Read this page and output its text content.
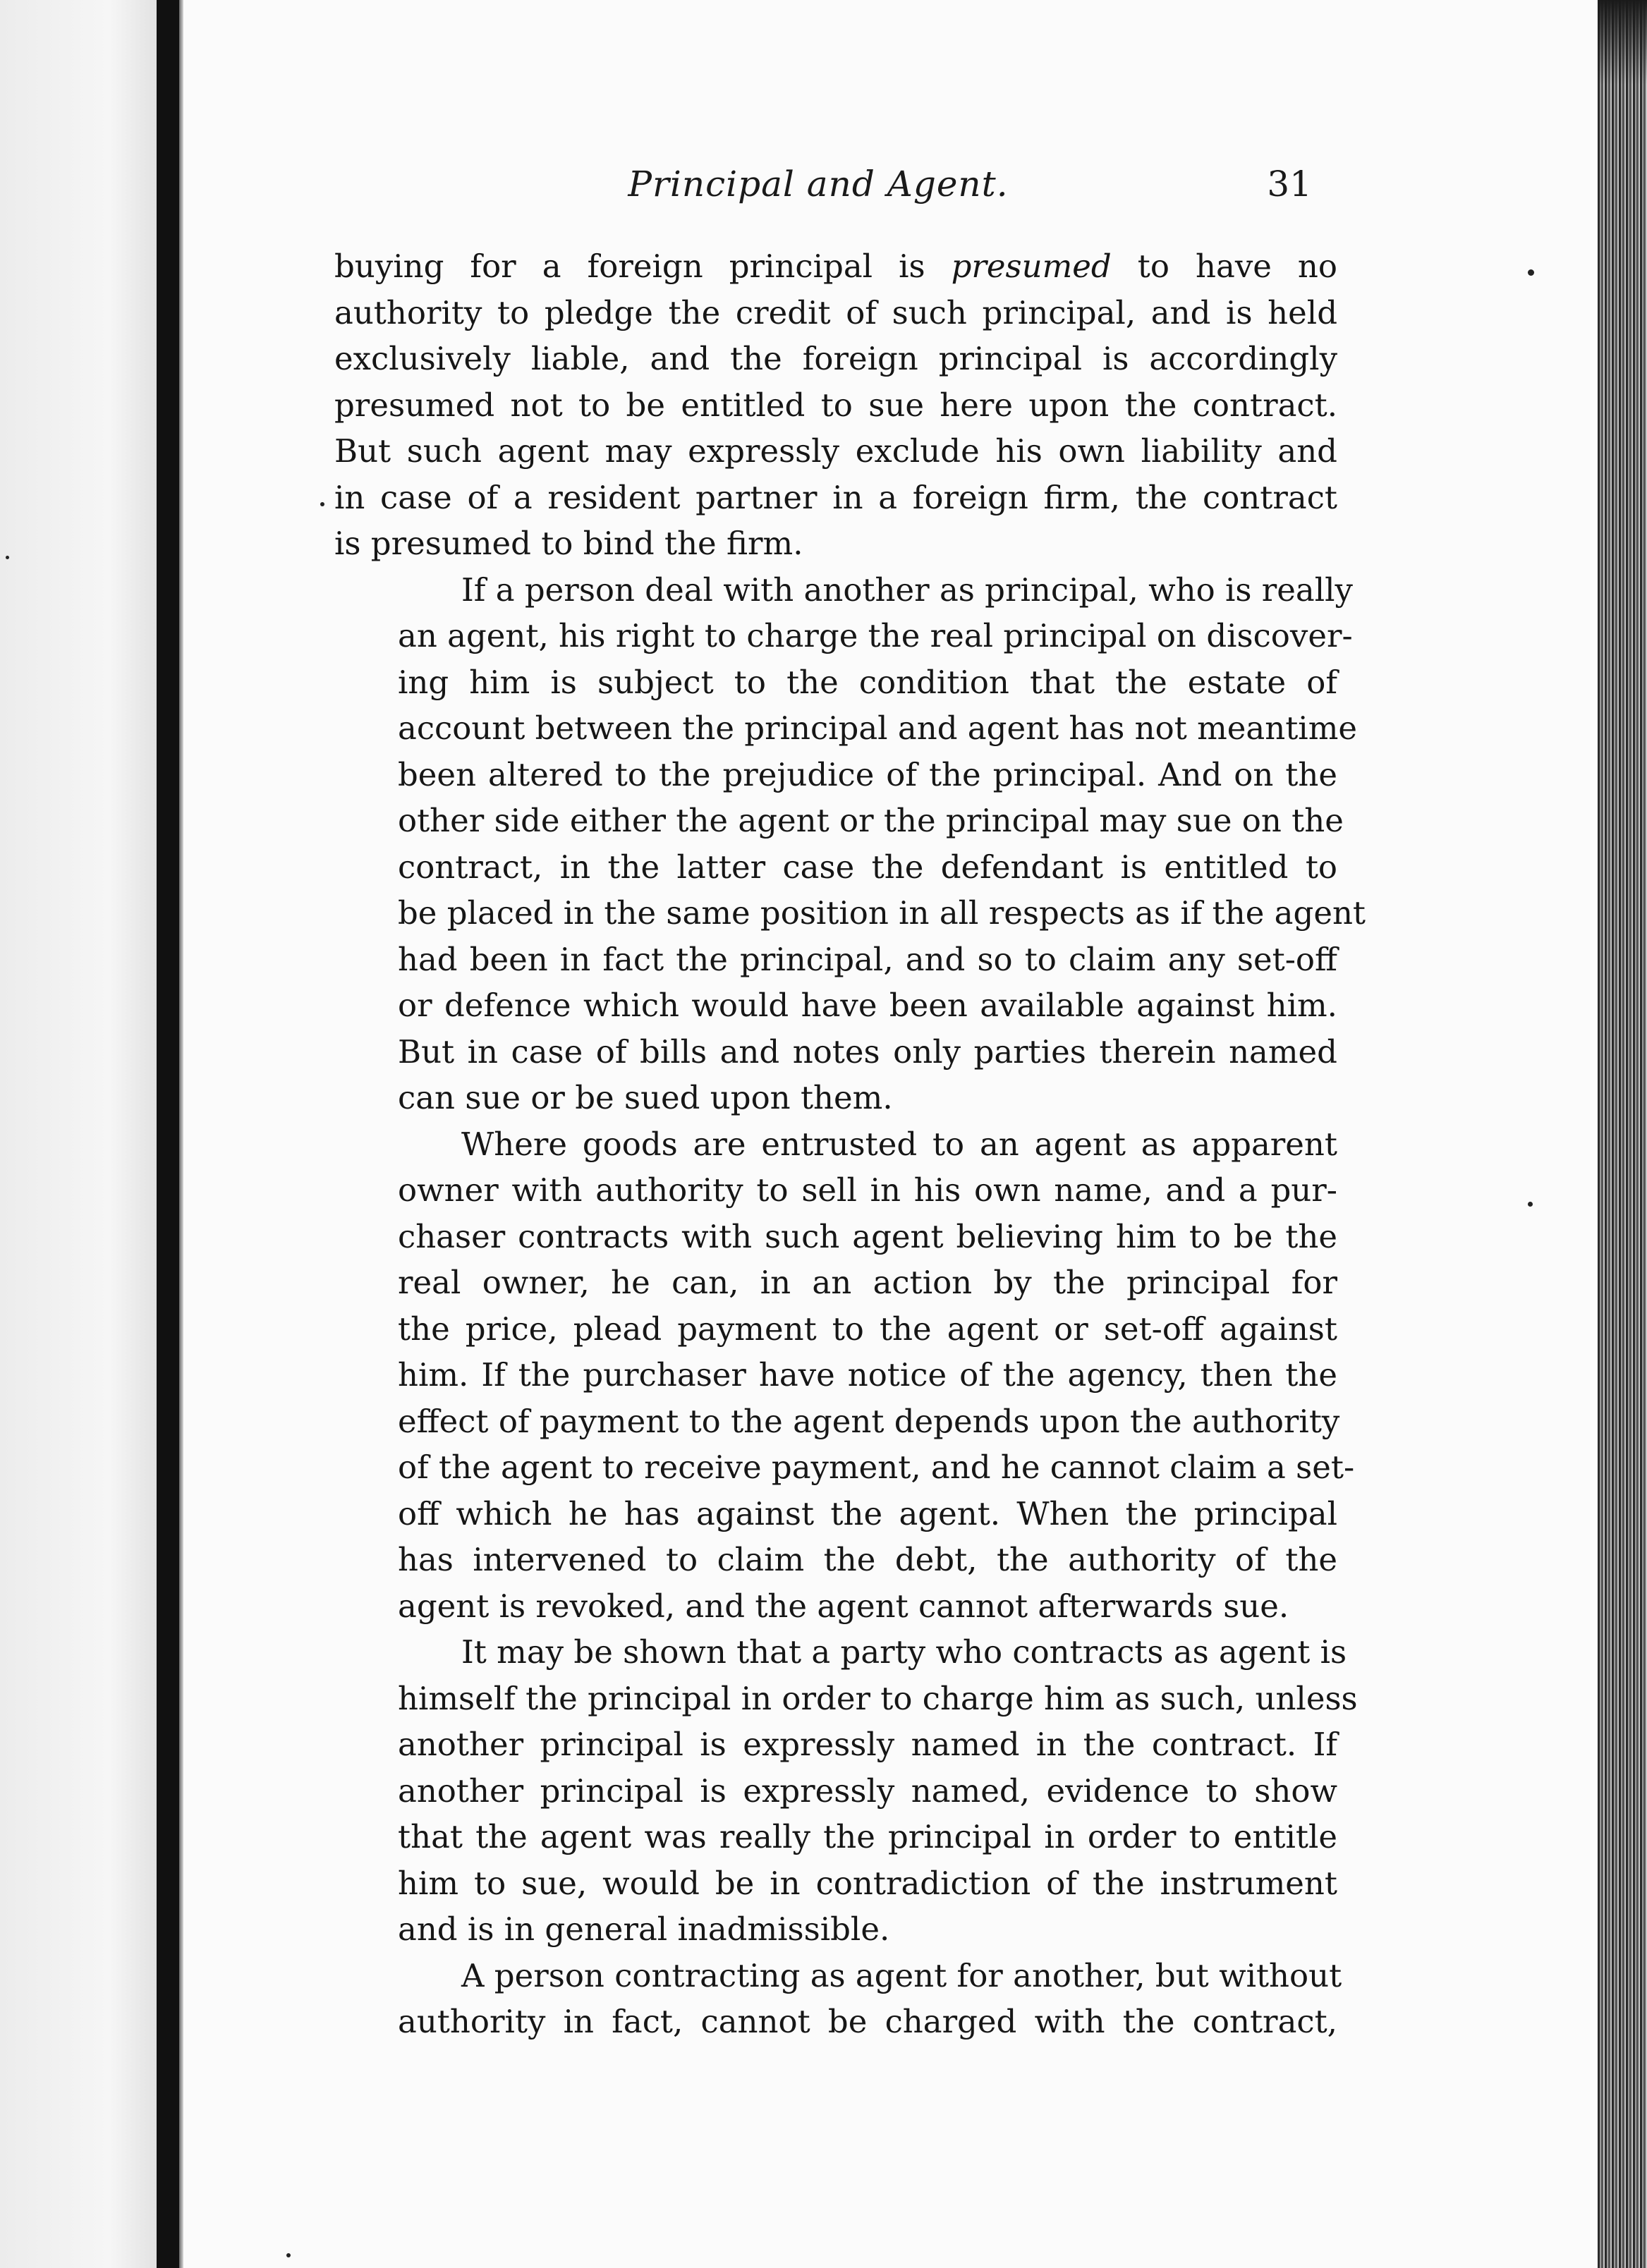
Principal and Agent.	31
buying for a foreign principal is presumed to have no
authority to pledge the credit of such principal, and is held
exclusively liable, and the foreign principal is accordingly
presumed not to be entitled to sue here upon the contract.
But such agent may expressly exclude his own liability and
in case of a resident partner in a foreign firm, the contract
is presumed to bind the firm.
If a person deal with another as principal, who is really
an agent, his right to charge the real principal on discover-
ing him is subject to the condition that the estate of
account between the principal and agent has not meantime
been altered to the prejudice of the principal. And on the
other side either the agent or the principal may sue on the
contract, in the latter case the defendant is entitled to
be placed in the same position in all respects as if the agent
had been in fact the principal, and so to claim any set-off
or defence which would have been available against him.
But in case of bills and notes only parties therein named
can sue or be sued upon them.
Where goods are entrusted to an agent as apparent
owner with authority to sell in his own name, and a pur-
chaser contracts with such agent believing him to be the
real owner, he can, in an action by the principal for
the price, plead payment to the agent or set-off against
him. If the purchaser have notice of the agency, then the
effect of payment to the agent depends upon the authority
of the agent to receive payment, and he cannot claim a set-
off which he has against the agent. When the principal
has intervened to claim the debt, the authority of the
agent is revoked, and the agent cannot afterwards sue.
It may be shown that a party who contracts as agent is
himself the principal in order to charge him as such, unless
another principal is expressly named in the contract. If
another principal is expressly named, evidence to show
that the agent was really the principal in order to entitle
him to sue, would be in contradiction of the instrument
and is in general inadmissible.
A person contracting as agent for another, but without
authority in fact, cannot be charged with the contract,
